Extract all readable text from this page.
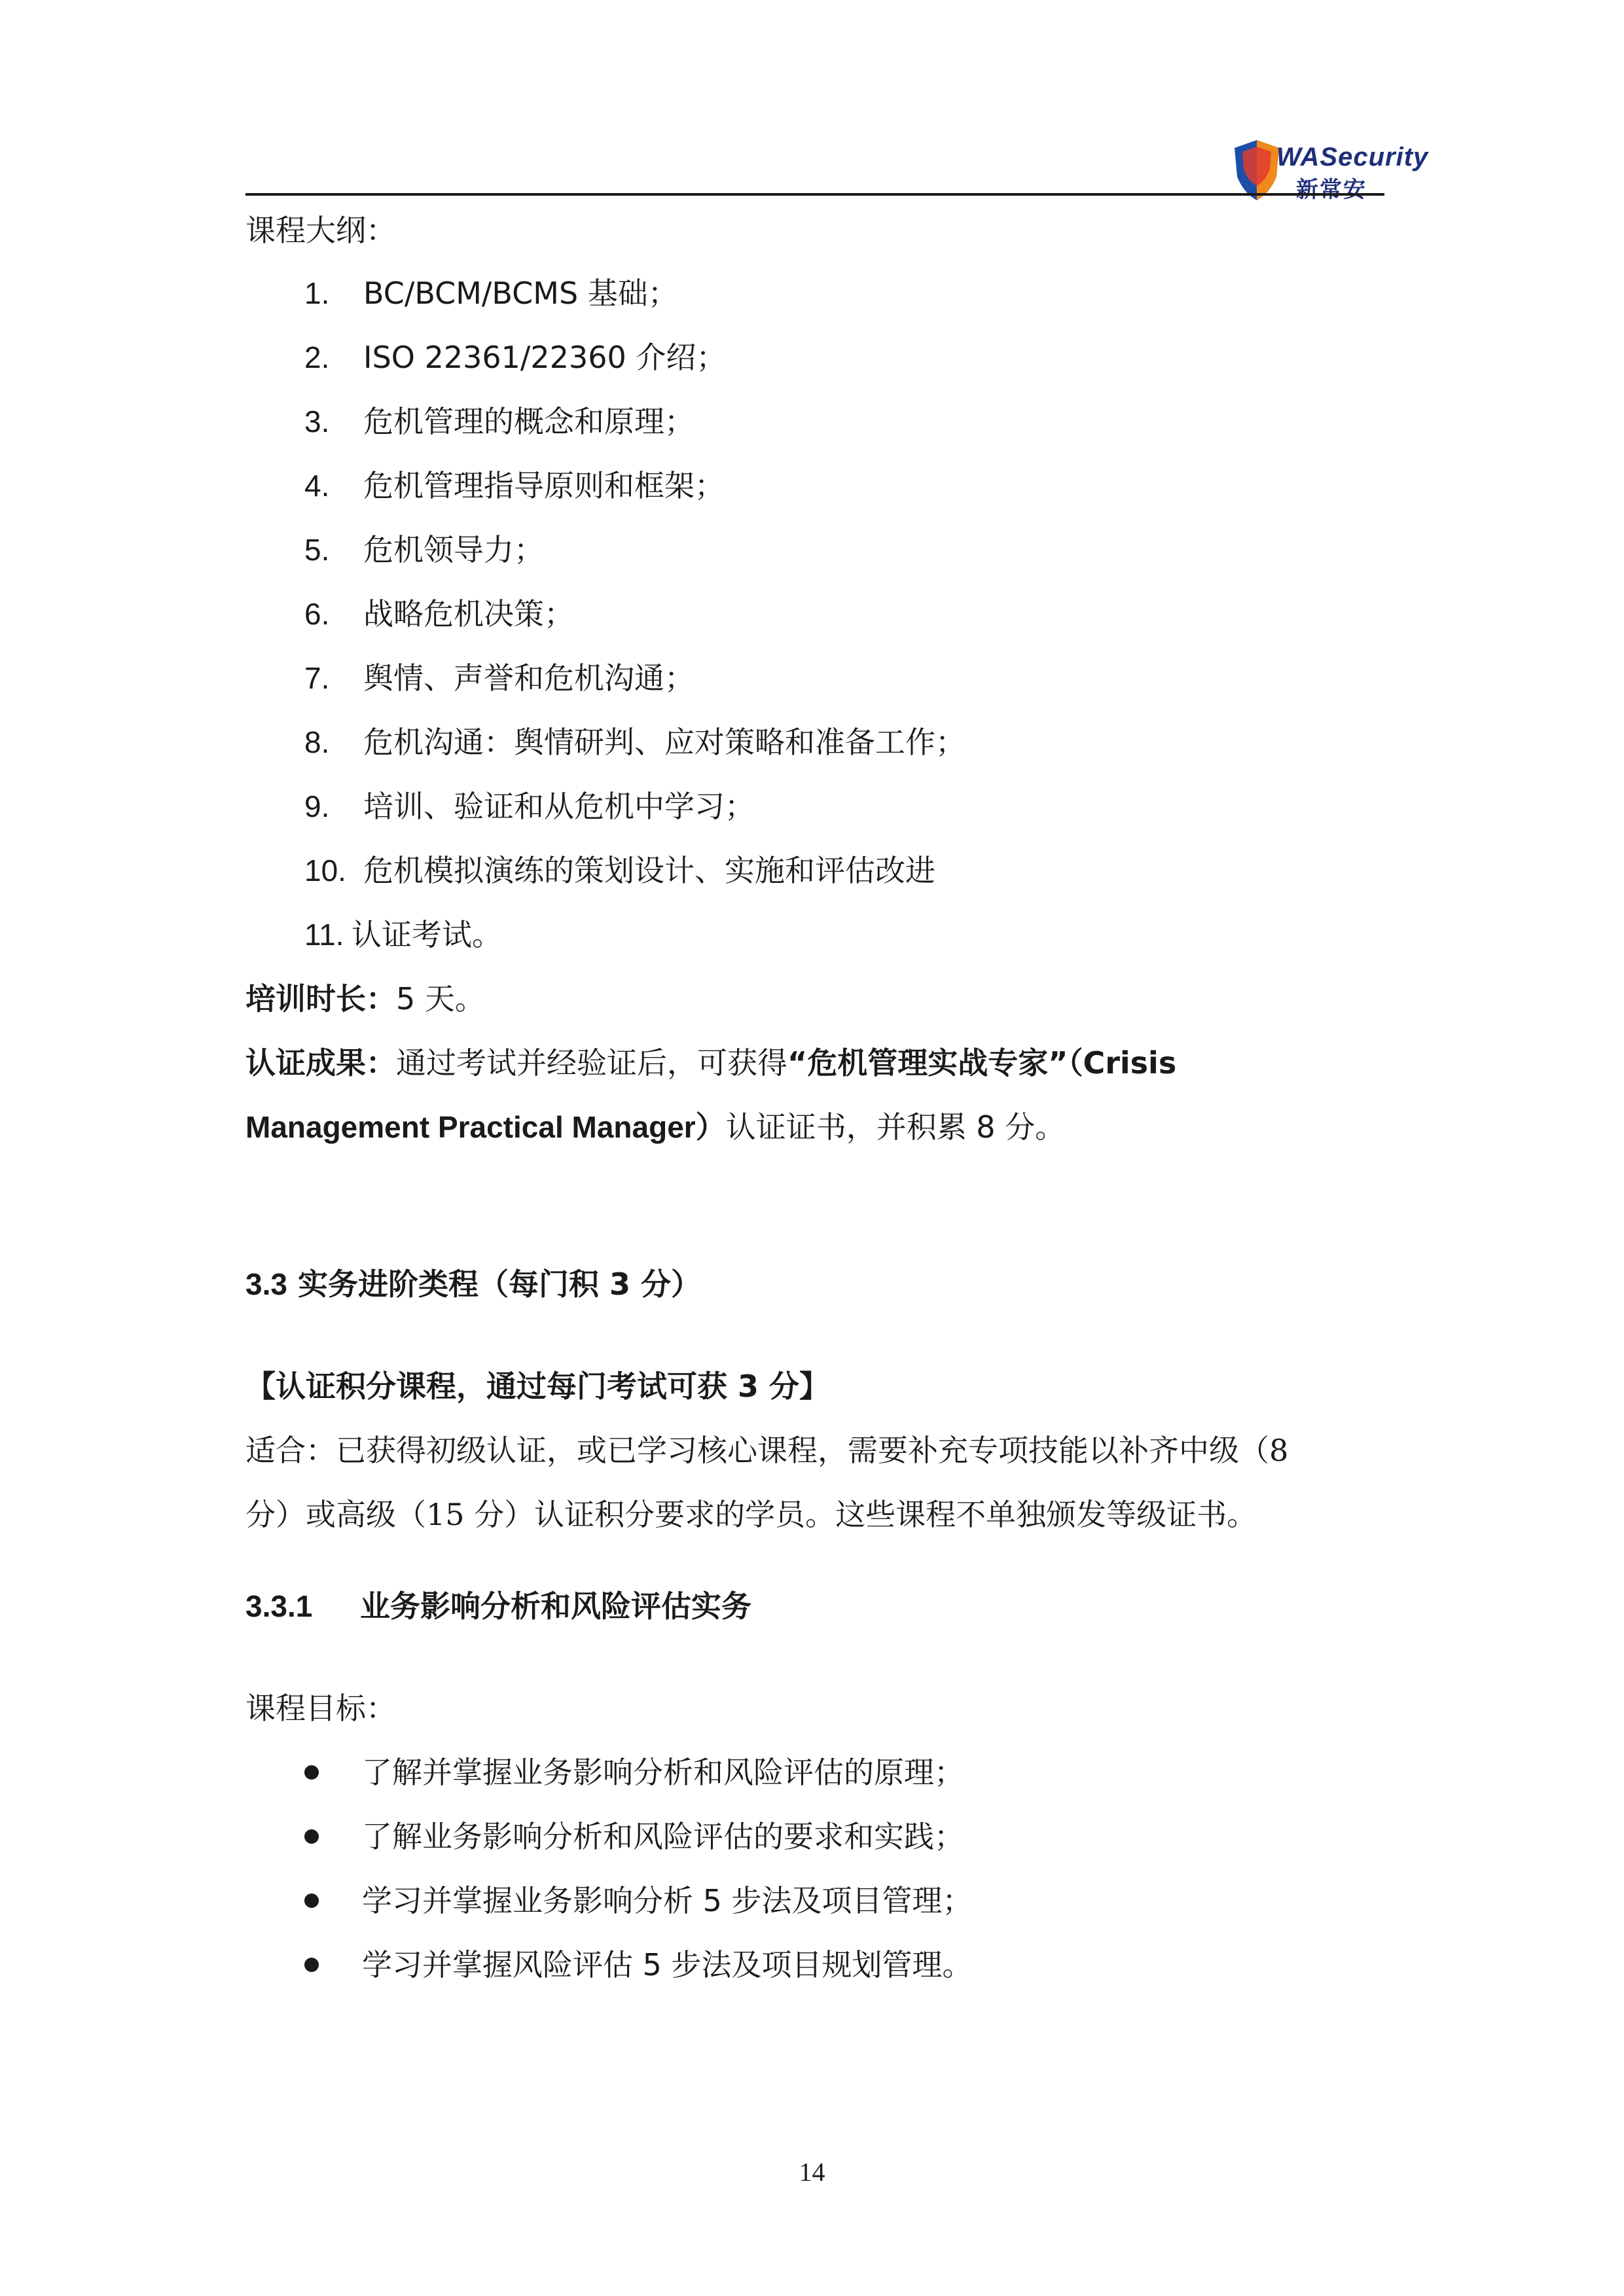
WASecurity
新常安
课程大纲：
1. BC/BCM/BCMS 基础；
2. ISO 22361/22360 介绍；
3. 危机管理的概念和原理；
4. 危机管理指导原则和框架；
5. 危机领导力；
6. 战略危机决策；
7. 舆情、声誉和危机沟通；
8. 危机沟通：舆情研判、应对策略和准备工作；
9. 培训、验证和从危机中学习；
10. 危机模拟演练的策划设计、实施和评估改进
11. 认证考试。
培训时长：5 天。
认证成果：通过考试并经验证后，可获得“危机管理实战专家”（Crisis
Management Practical Manager）认证证书，并积累 8 分。
3.3 实务进阶类程（每门积 3 分）
【认证积分课程，通过每门考试可获 3 分】
适合：已获得初级认证，或已学习核心课程，需要补充专项技能以补齐中级（8
分）或高级（15 分）认证积分要求的学员。这些课程不单独颁发等级证书。
3.3.1 业务影响分析和风险评估实务
课程目标：
了解并掌握业务影响分析和风险评估的原理；
了解业务影响分析和风险评估的要求和实践；
学习并掌握业务影响分析 5 步法及项目管理；
学习并掌握风险评估 5 步法及项目规划管理。
14
